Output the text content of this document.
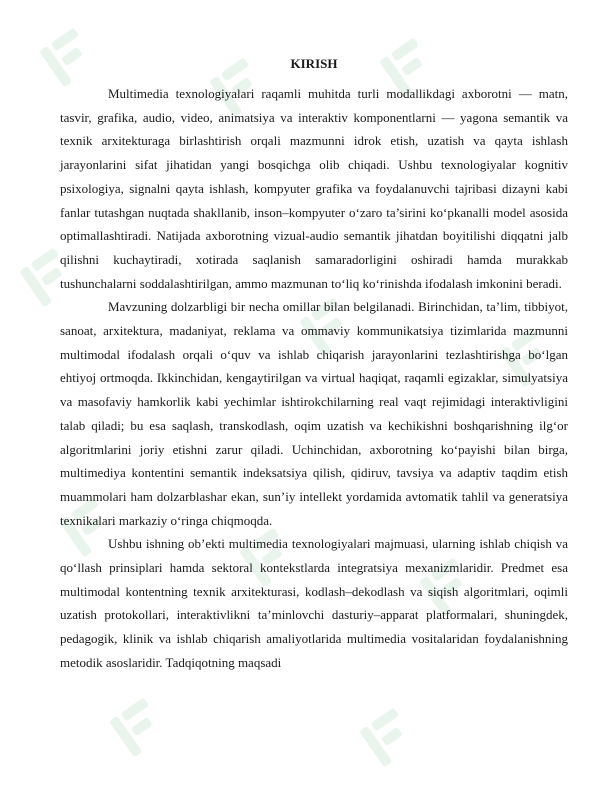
KIRISH

Multimedia texnologiyalari raqamli muhitda turli modallikdagi axborotni — matn, tasvir, grafika, audio, video, animatsiya va interaktiv komponentlarni — yagona semantik va texnik arxitekturaga birlashtirish orqali mazmunni idrok etish, uzatish va qayta ishlash jarayonlarini sifat jihatidan yangi bosqichga olib chiqadi. Ushbu texnologiyalar kognitiv psixologiya, signalni qayta ishlash, kompyuter grafika va foydalanuvchi tajribasi dizayni kabi fanlar tutashgan nuqtada shakllanib, inson–kompyuter o‘zaro ta’sirini ko‘pkanalli model asosida optimallashtiradi. Natijada axborotning vizual-audio semantik jihatdan boyitilishi diqqatni jalb qilishni kuchaytiradi, xotirada saqlanish samaradorligini oshiradi hamda murakkab tushunchalarni soddalashtirilgan, ammo mazmunan to‘liq ko‘rinishda ifodalash imkonini beradi.

Mavzuning dolzarbligi bir necha omillar bilan belgilanadi. Birinchidan, ta’lim, tibbiyot, sanoat, arxitektura, madaniyat, reklama va ommaviy kommunikatsiya tizimlarida mazmunni multimodal ifodalash orqali o‘quv va ishlab chiqarish jarayonlarini tezlashtirishga bo‘lgan ehtiyoj ortmoqda. Ikkinchidan, kengaytirilgan va virtual haqiqat, raqamli egizaklar, simulyatsiya va masofaviy hamkorlik kabi yechimlar ishtirokchilarning real vaqt rejimidagi interaktivligini talab qiladi; bu esa saqlash, transkodlash, oqim uzatish va kechikishni boshqarishning ilg‘or algoritmlarini joriy etishni zarur qiladi. Uchinchidan, axborotning ko‘payishi bilan birga, multimediya kontentini semantik indeksatsiya qilish, qidiruv, tavsiya va adaptiv taqdim etish muammolari ham dolzarblashar ekan, sun’iy intellekt yordamida avtomatik tahlil va generatsiya texnikalari markaziy o‘ringa chiqmoqda.

Ushbu ishning ob’ekti multimedia texnologiyalari majmuasi, ularning ishlab chiqish va qo‘llash prinsiplari hamda sektoral kontekstlarda integratsiya mexanizmlaridir. Predmet esa multimodal kontentning texnik arxitekturasi, kodlash–dekodlash va siqish algoritmlari, oqimli uzatish protokollari, interaktivlikni ta’minlovchi dasturiy–apparat platformalari, shuningdek, pedagogik, klinik va ishlab chiqarish amaliyotlarida multimedia vositalaridan foydalanishning metodik asoslaridir. Tadqiqotning maqsadi
